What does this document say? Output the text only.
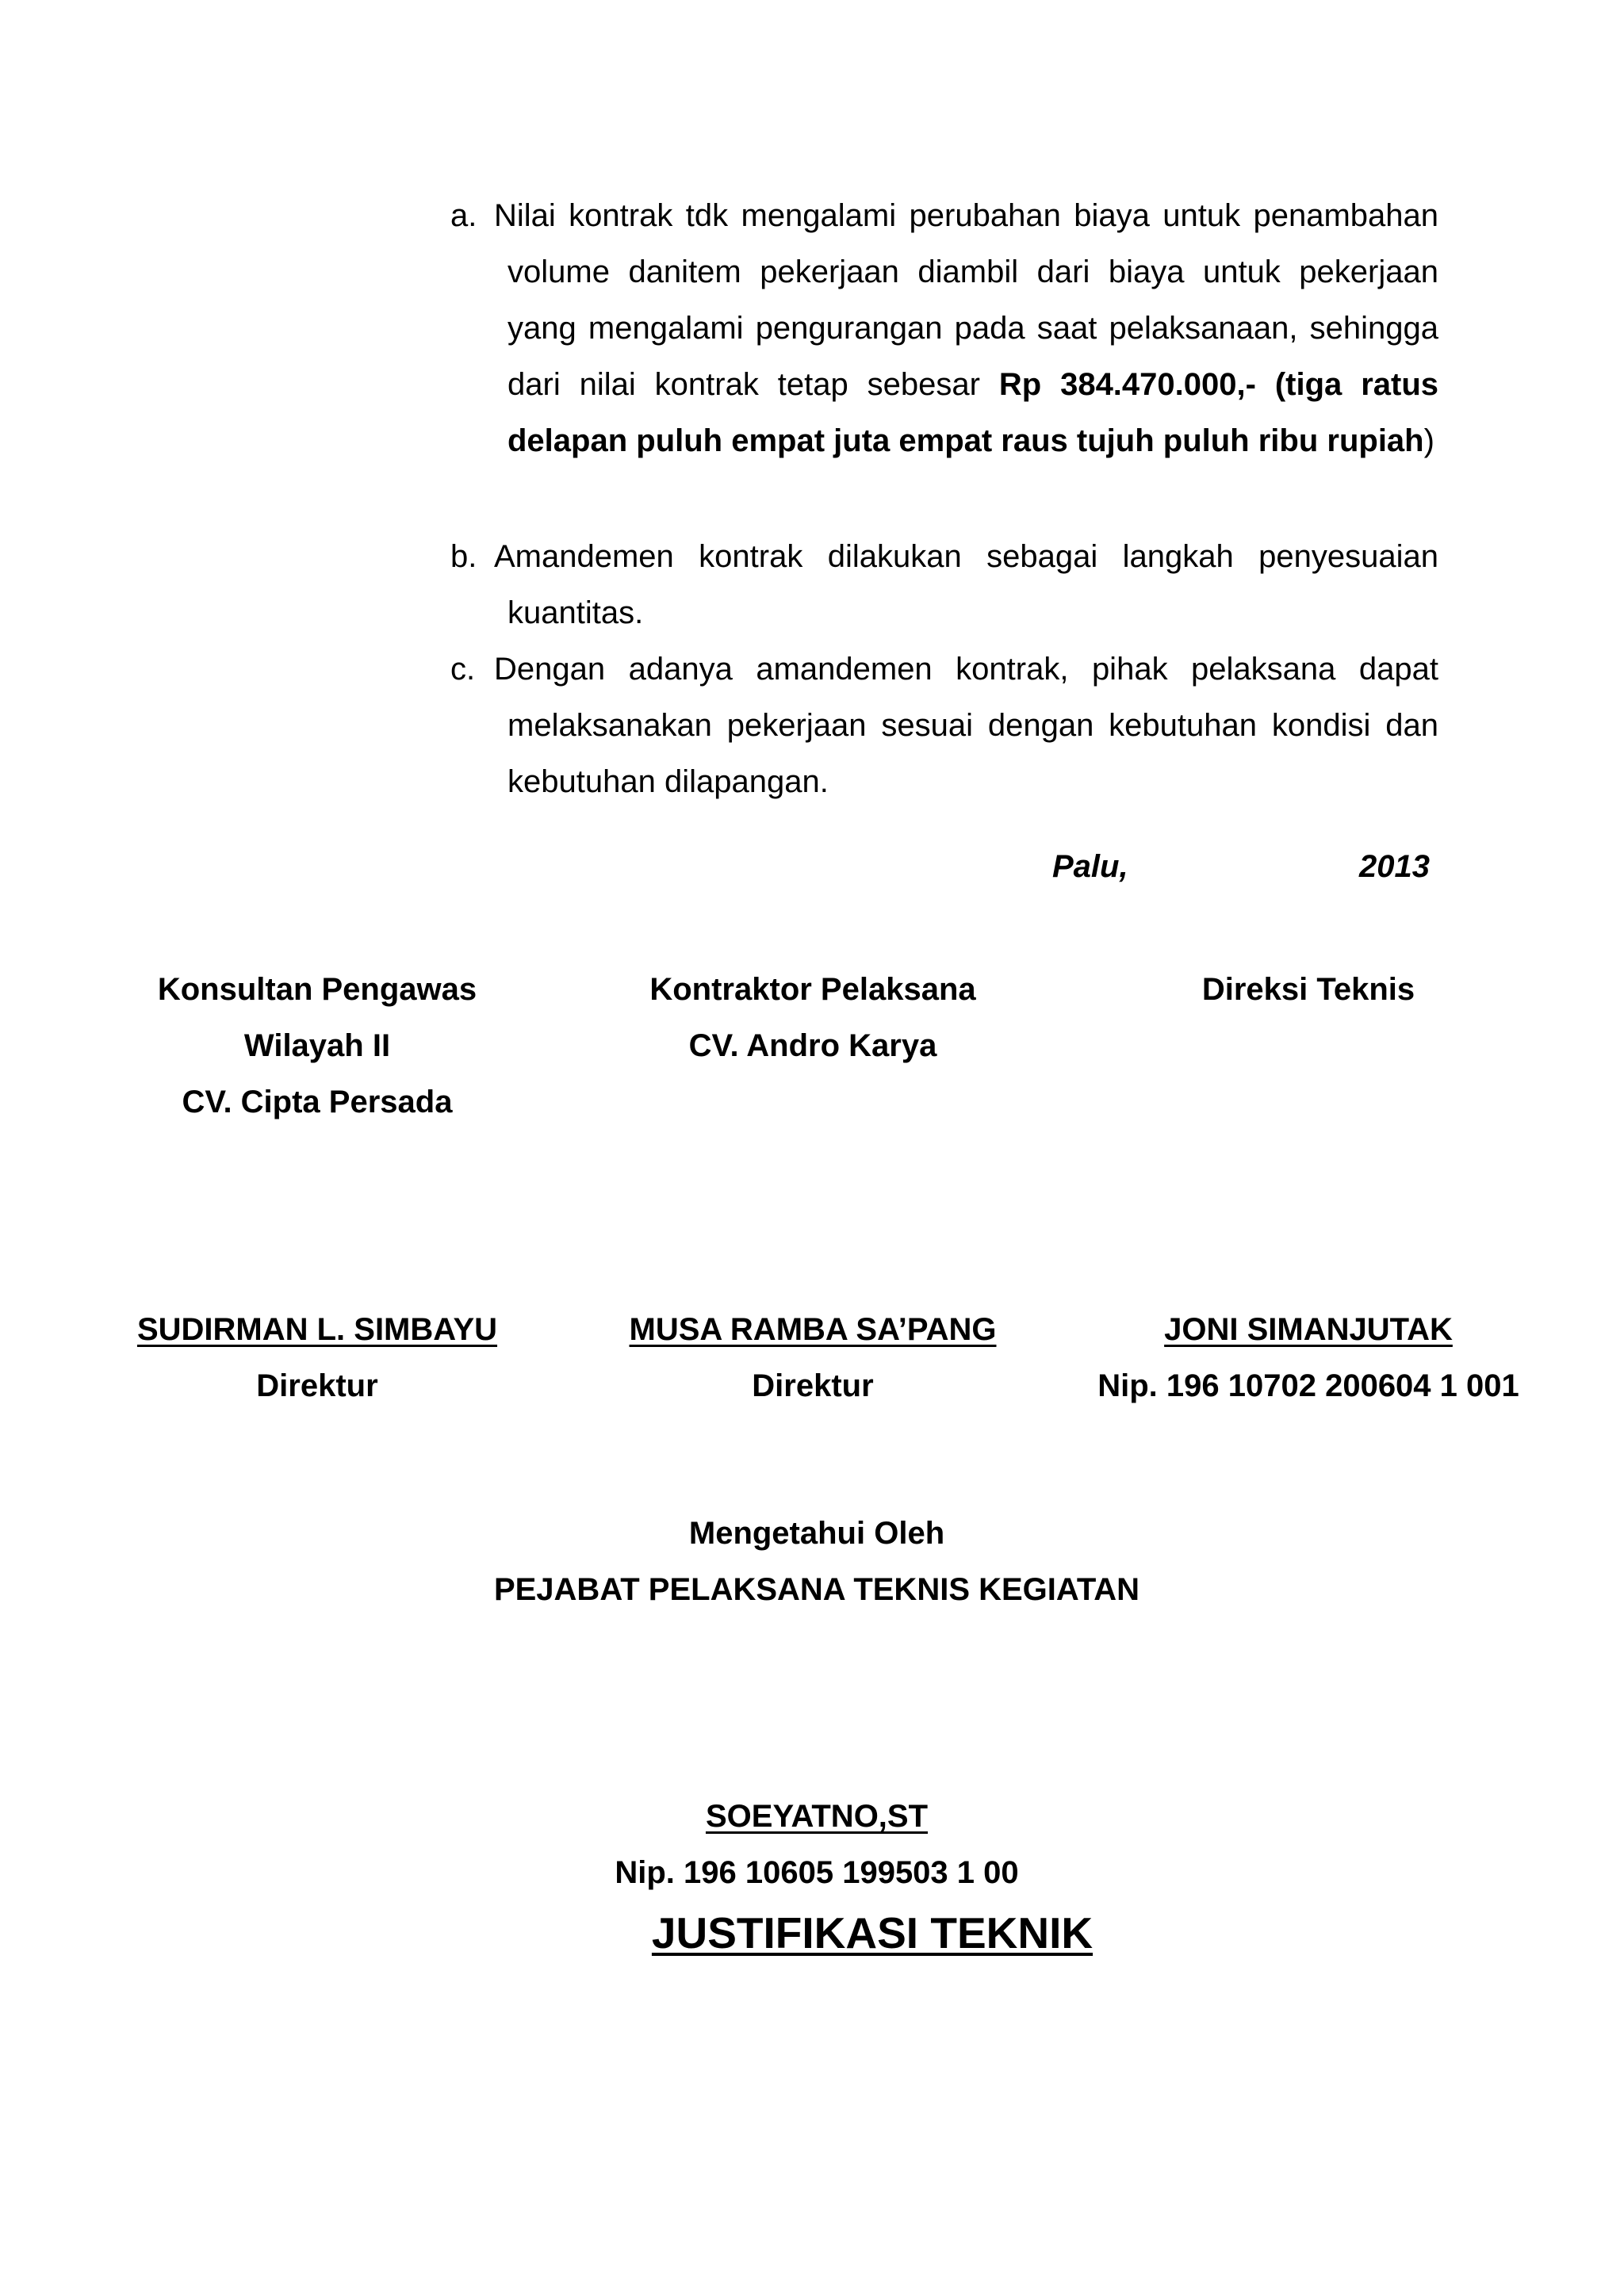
a. Nilai kontrak tdk mengalami perubahan biaya untuk penambahan volume danitem pekerjaan diambil dari biaya untuk pekerjaan yang mengalami pengurangan pada saat pelaksanaan, sehingga dari nilai kontrak tetap sebesar Rp 384.470.000,- (tiga ratus delapan puluh empat juta empat raus tujuh puluh ribu rupiah)
b. Amandemen kontrak dilakukan sebagai langkah penyesuaian kuantitas.
c. Dengan adanya amandemen kontrak, pihak pelaksana dapat melaksanakan pekerjaan sesuai dengan kebutuhan kondisi dan kebutuhan dilapangan.
Palu,	2013
Konsultan Pengawas
Wilayah II
CV. Cipta Persada
SUDIRMAN L. SIMBAYU
Direktur
Kontraktor Pelaksana
CV. Andro Karya
MUSA RAMBA SA’PANG
Direktur
Direksi Teknis
JONI SIMANJUTAK
Nip. 196 10702 200604 1 001
Mengetahui Oleh
PEJABAT PELAKSANA TEKNIS KEGIATAN
SOEYATNO,ST
Nip. 196 10605 199503 1 00
JUSTIFIKASI TEKNIK
